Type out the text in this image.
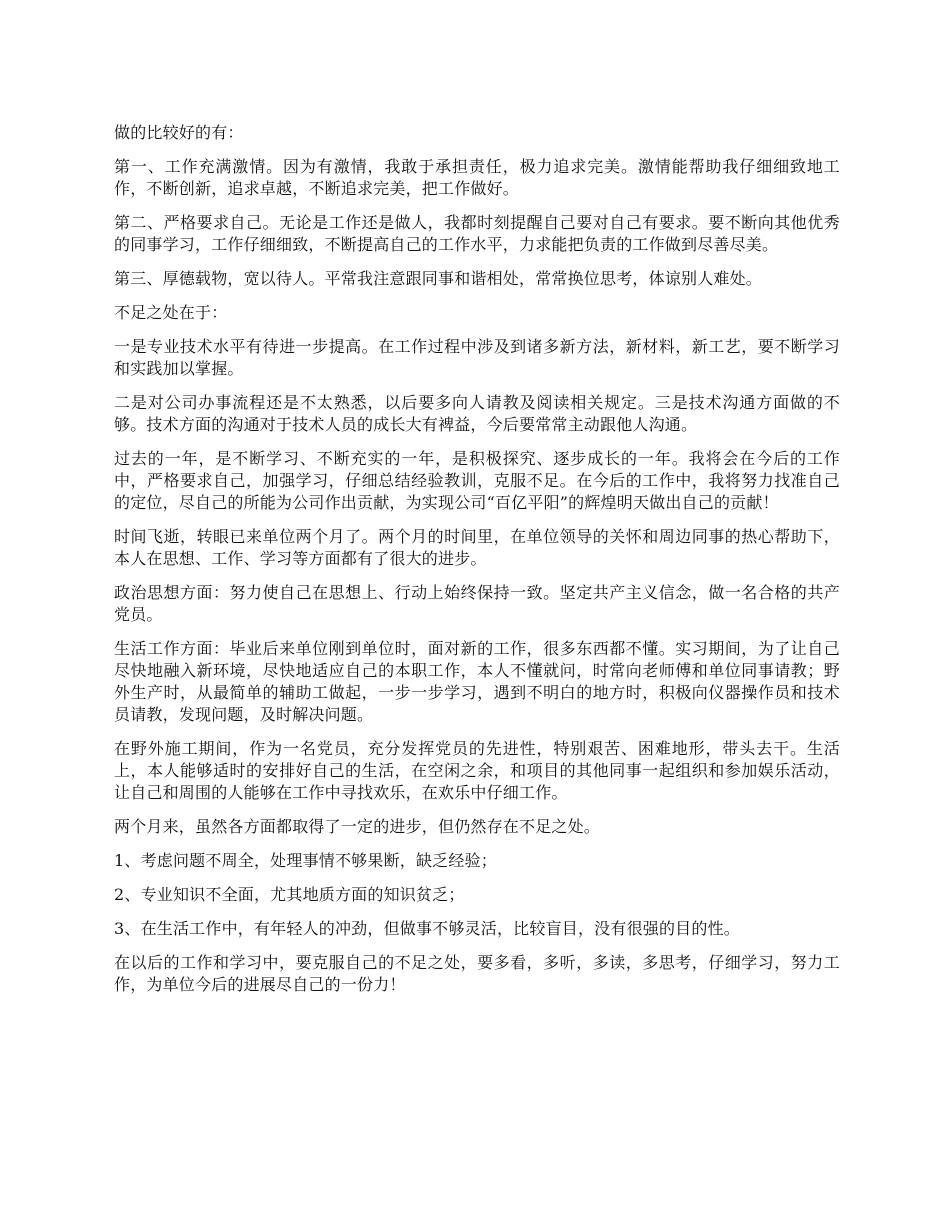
做的比较好的有：

第一、工作充满激情。因为有激情，我敢于承担责任，极力追求完美。激情能帮助我仔细细致地工作，不断创新，追求卓越，不断追求完美，把工作做好。

第二、严格要求自己。无论是工作还是做人，我都时刻提醒自己要对自己有要求。要不断向其他优秀的同事学习，工作仔细细致，不断提高自己的工作水平，力求能把负责的工作做到尽善尽美。

第三、厚德载物，宽以待人。平常我注意跟同事和谐相处，常常换位思考，体谅别人难处。

不足之处在于：

一是专业技术水平有待进一步提高。在工作过程中涉及到诸多新方法，新材料，新工艺，要不断学习和实践加以掌握。

二是对公司办事流程还是不太熟悉，以后要多向人请教及阅读相关规定。三是技术沟通方面做的不够。技术方面的沟通对于技术人员的成长大有裨益，今后要常常主动跟他人沟通。

过去的一年，是不断学习、不断充实的一年，是积极探究、逐步成长的一年。我将会在今后的工作中，严格要求自己，加强学习，仔细总结经验教训，克服不足。在今后的工作中，我将努力找准自己的定位，尽自己的所能为公司作出贡献，为实现公司“百亿平阳”的辉煌明天做出自己的贡献！

时间飞逝，转眼已来单位两个月了。两个月的时间里，在单位领导的关怀和周边同事的热心帮助下，本人在思想、工作、学习等方面都有了很大的进步。

政治思想方面：努力使自己在思想上、行动上始终保持一致。坚定共产主义信念，做一名合格的共产党员。

生活工作方面：毕业后来单位刚到单位时，面对新的工作，很多东西都不懂。实习期间，为了让自己尽快地融入新环境，尽快地适应自己的本职工作，本人不懂就问，时常向老师傅和单位同事请教；野外生产时，从最简单的辅助工做起，一步一步学习，遇到不明白的地方时，积极向仪器操作员和技术员请教，发现问题，及时解决问题。

在野外施工期间，作为一名党员，充分发挥党员的先进性，特别艰苦、困难地形，带头去干。生活上，本人能够适时的安排好自己的生活，在空闲之余，和项目的其他同事一起组织和参加娱乐活动，让自己和周围的人能够在工作中寻找欢乐，在欢乐中仔细工作。

两个月来，虽然各方面都取得了一定的进步，但仍然存在不足之处。

1、考虑问题不周全，处理事情不够果断，缺乏经验；

2、专业知识不全面，尤其地质方面的知识贫乏；

3、在生活工作中，有年轻人的冲劲，但做事不够灵活，比较盲目，没有很强的目的性。

在以后的工作和学习中，要克服自己的不足之处，要多看，多听，多读，多思考，仔细学习，努力工作，为单位今后的进展尽自己的一份力！
